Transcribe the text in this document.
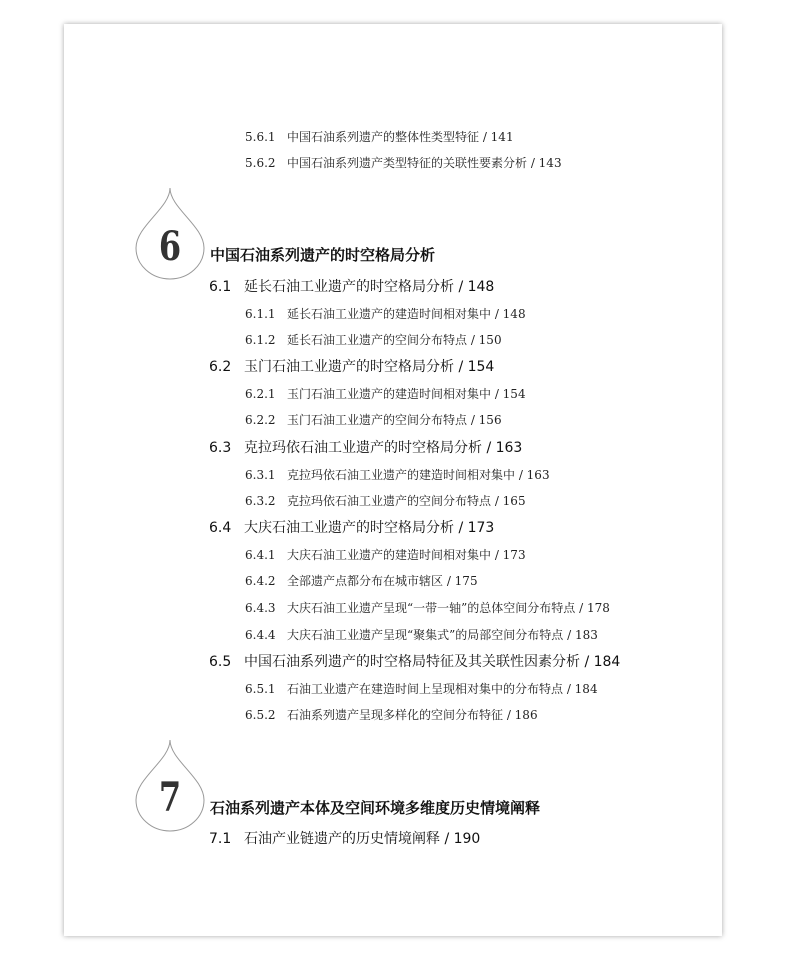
5.6.1 中国石油系列遗产的整体性类型特征 / 141
5.6.2 中国石油系列遗产类型特征的关联性要素分析 / 143
6	中国石油系列遗产的时空格局分析
6.1 延长石油工业遗产的时空格局分析 / 148
6.1.1 延长石油工业遗产的建造时间相对集中 / 148
6.1.2 延长石油工业遗产的空间分布特点 / 150
6.2 玉门石油工业遗产的时空格局分析 / 154
6.2.1 玉门石油工业遗产的建造时间相对集中 / 154
6.2.2 玉门石油工业遗产的空间分布特点 / 156
6.3 克拉玛依石油工业遗产的时空格局分析 / 163
6.3.1 克拉玛依石油工业遗产的建造时间相对集中 / 163
6.3.2 克拉玛依石油工业遗产的空间分布特点 / 165
6.4 大庆石油工业遗产的时空格局分析 / 173
6.4.1 大庆石油工业遗产的建造时间相对集中 / 173
6.4.2 全部遗产点都分布在城市辖区 / 175
6.4.3 大庆石油工业遗产呈现“一带一轴”的总体空间分布特点 / 178
6.4.4 大庆石油工业遗产呈现“聚集式”的局部空间分布特点 / 183
6.5 中国石油系列遗产的时空格局特征及其关联性因素分析 / 184
6.5.1 石油工业遗产在建造时间上呈现相对集中的分布特点 / 184
6.5.2 石油系列遗产呈现多样化的空间分布特征 / 186
7	石油系列遗产本体及空间环境多维度历史情境阐释
7.1 石油产业链遗产的历史情境阐释 / 190
